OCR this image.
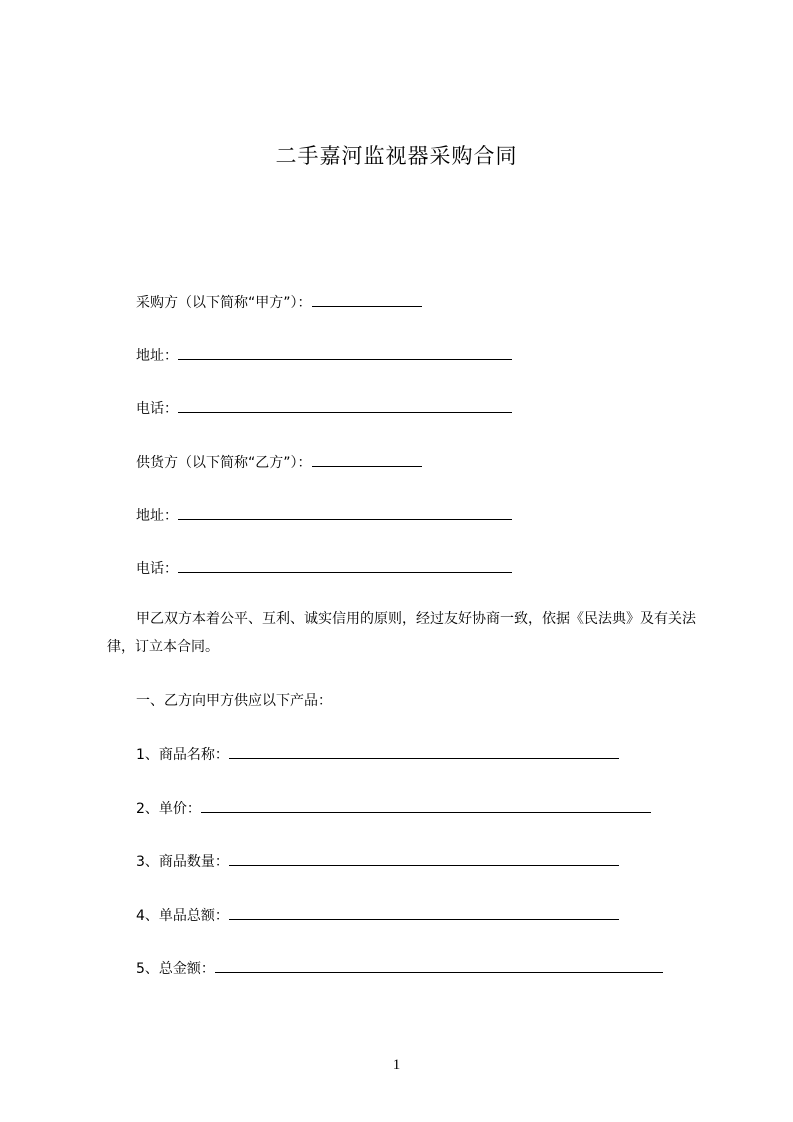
二手嘉河监视器采购合同
采购方（以下简称“甲方”）：
地址：
电话：
供货方（以下简称“乙方”）：
地址：
电话：

甲乙双方本着公平、互利、诚实信用的原则，经过友好协商一致，依据《民法典》及有关法律，订立本合同。

一、乙方向甲方供应以下产品：
1、商品名称：
2、单价：
3、商品数量：
4、单品总额：
5、总金额：
1
